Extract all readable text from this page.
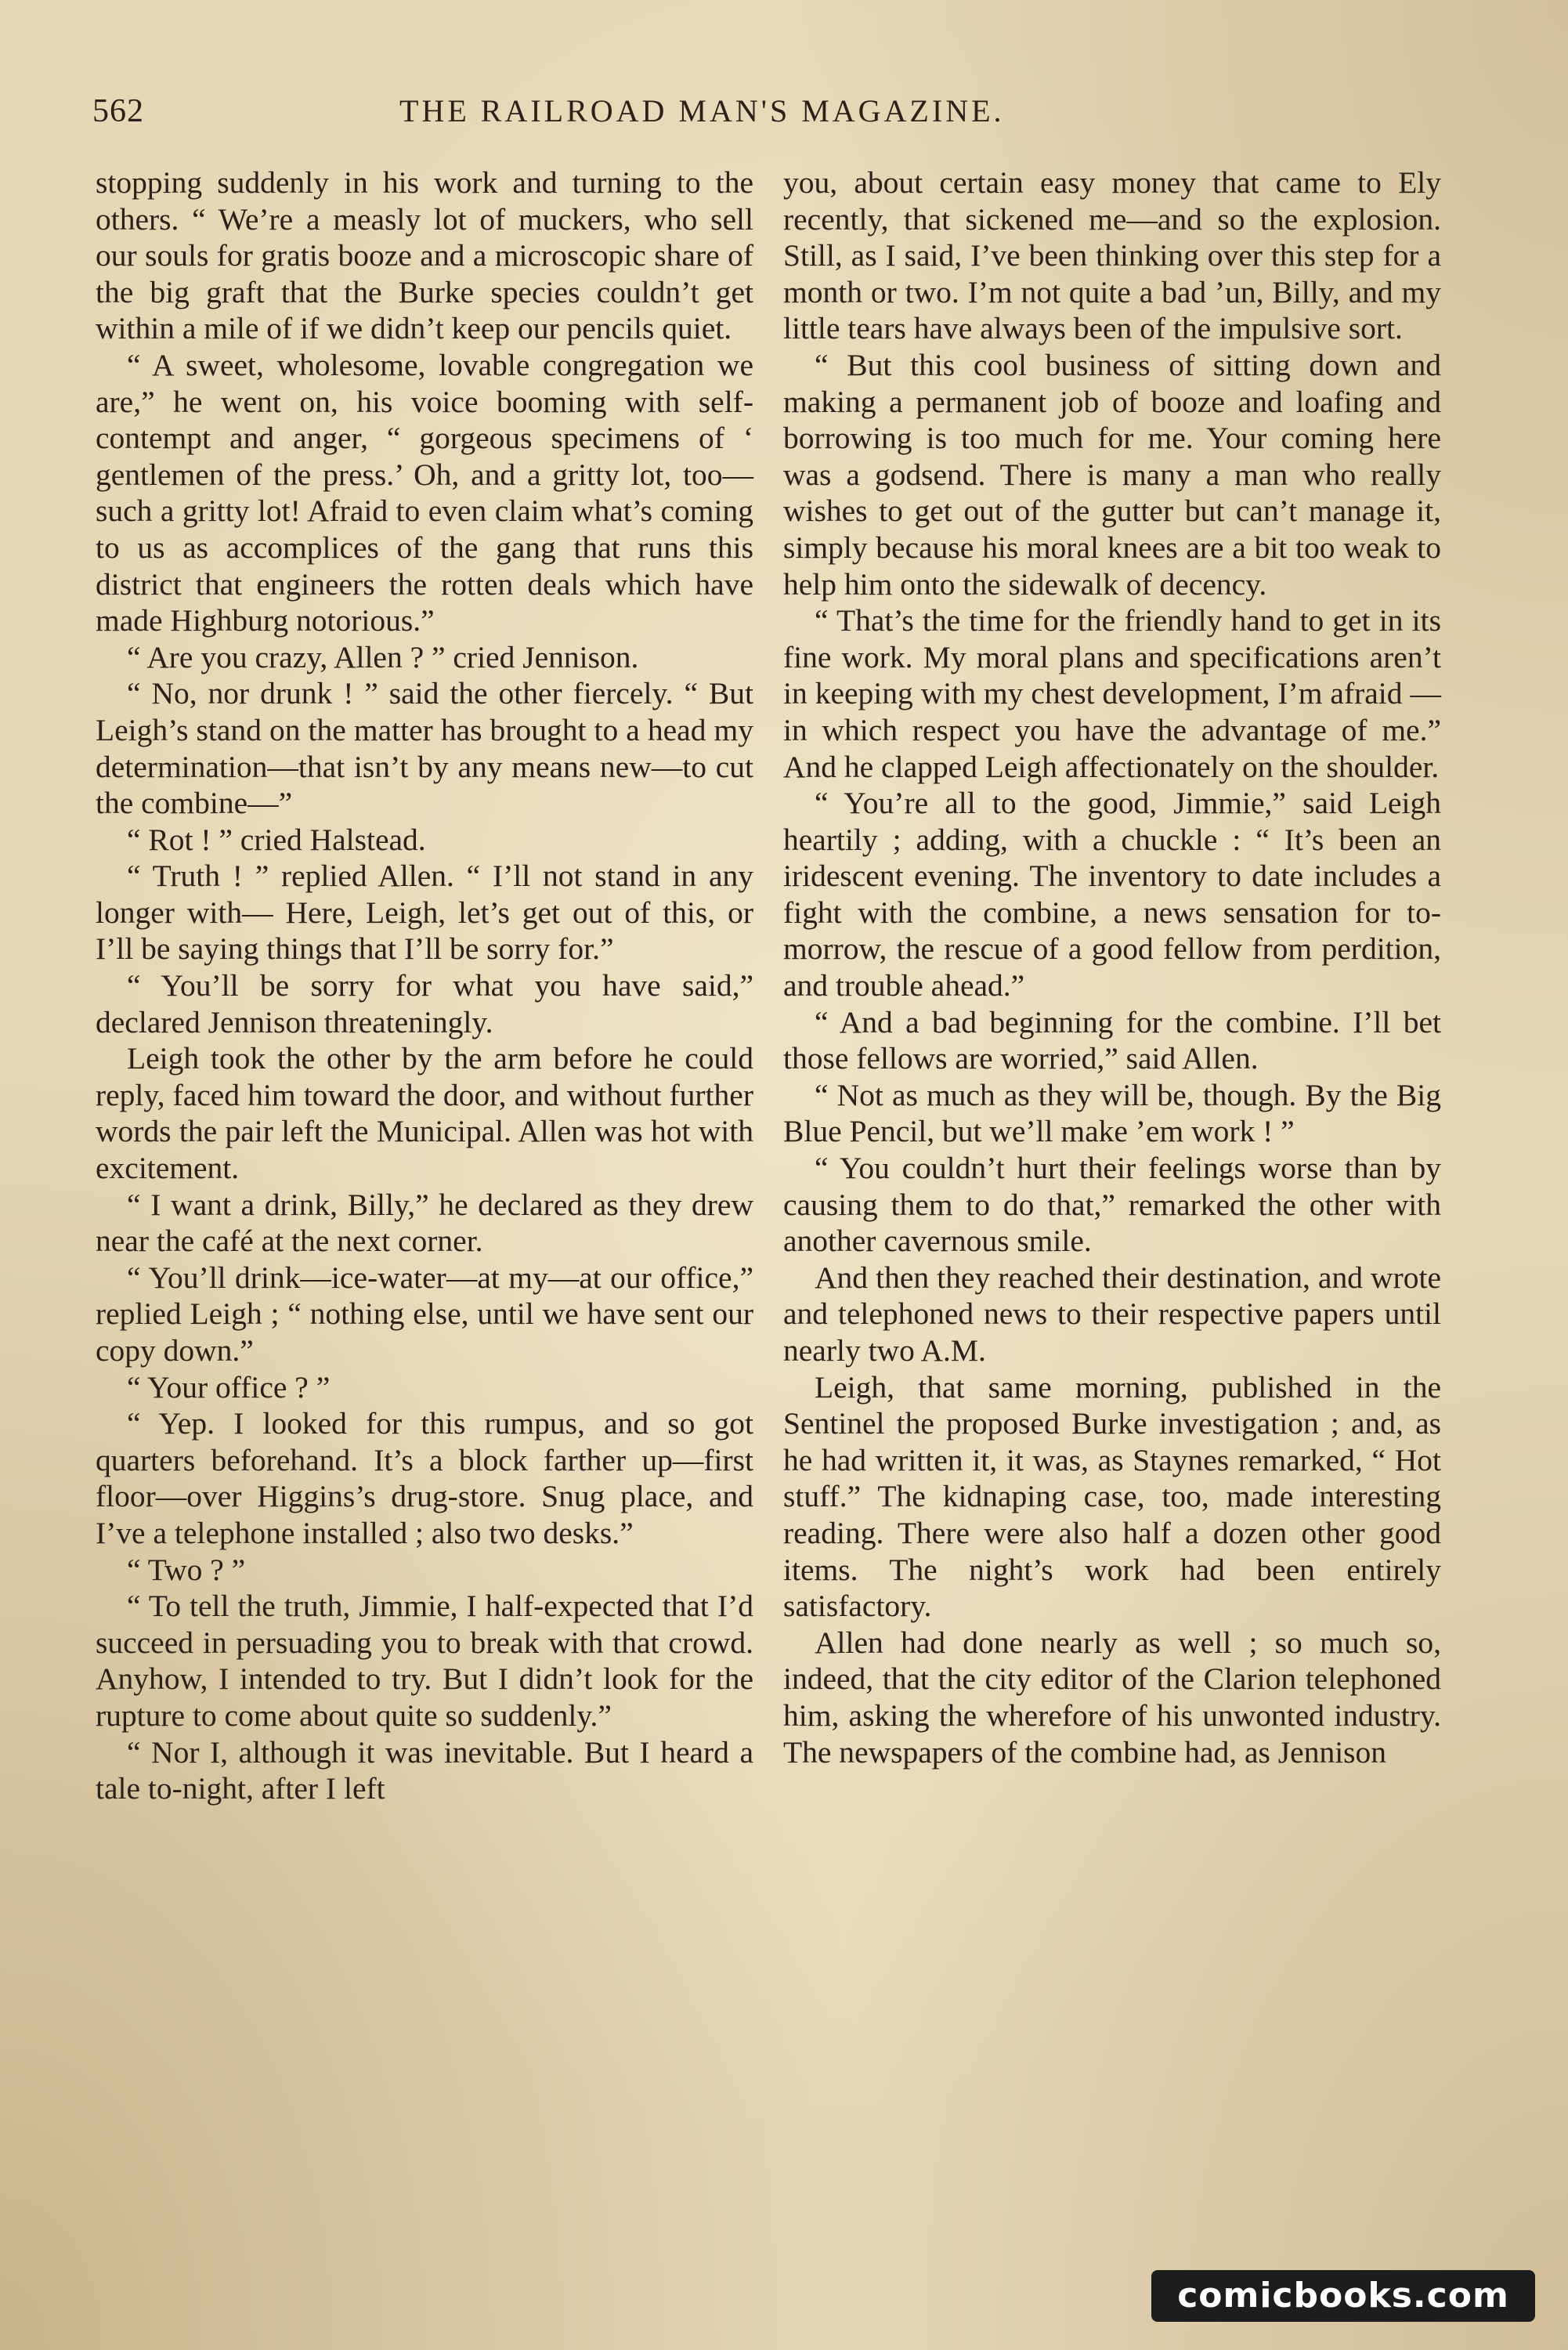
562	THE RAILROAD MAN'S MAGAZINE.

stopping suddenly in his work and turning to the others. “ We’re a measly lot of muckers, who sell our souls for gratis booze and a microscopic share of the big graft that the Burke species couldn’t get within a mile of if we didn’t keep our pencils quiet.

“ A sweet, wholesome, lovable congregation we are,” he went on, his voice booming with self-contempt and anger, “ gorgeous specimens of ‘ gentlemen of the press.’ Oh, and a gritty lot, too—such a gritty lot! Afraid to even claim what’s coming to us as accomplices of the gang that runs this district that engineers the rotten deals which have made Highburg notorious.”

“ Are you crazy, Allen ? ” cried Jennison.

“ No, nor drunk ! ” said the other fiercely. “ But Leigh’s stand on the matter has brought to a head my determination—that isn’t by any means new—to cut the combine—”

“ Rot ! ” cried Halstead.

“ Truth ! ” replied Allen. “ I’ll not stand in any longer with— Here, Leigh, let’s get out of this, or I’ll be saying things that I’ll be sorry for.”

“ You’ll be sorry for what you have said,” declared Jennison threateningly.

Leigh took the other by the arm before he could reply, faced him toward the door, and without further words the pair left the Municipal. Allen was hot with excitement.

“ I want a drink, Billy,” he declared as they drew near the café at the next corner.

“ You’ll drink—ice-water—at my—at our office,” replied Leigh ; “ nothing else, until we have sent our copy down.”

“ Your office ? ”

“ Yep. I looked for this rumpus, and so got quarters beforehand. It’s a block farther up—first floor—over Higgins’s drug-store. Snug place, and I’ve a telephone installed ; also two desks.”

“ Two ? ”

“ To tell the truth, Jimmie, I half-expected that I’d succeed in persuading you to break with that crowd. Anyhow, I intended to try. But I didn’t look for the rupture to come about quite so suddenly.”

“ Nor I, although it was inevitable. But I heard a tale to-night, after I left

you, about certain easy money that came to Ely recently, that sickened me—and so the explosion. Still, as I said, I’ve been thinking over this step for a month or two. I’m not quite a bad ’un, Billy, and my little tears have always been of the impulsive sort.

“ But this cool business of sitting down and making a permanent job of booze and loafing and borrowing is too much for me. Your coming here was a godsend. There is many a man who really wishes to get out of the gutter but can’t manage it, simply because his moral knees are a bit too weak to help him onto the sidewalk of decency.

“ That’s the time for the friendly hand to get in its fine work. My moral plans and specifications aren’t in keeping with my chest development, I’m afraid — in which respect you have the advantage of me.” And he clapped Leigh affectionately on the shoulder.

“ You’re all to the good, Jimmie,” said Leigh heartily ; adding, with a chuckle : “ It’s been an iridescent evening. The inventory to date includes a fight with the combine, a news sensation for to-morrow, the rescue of a good fellow from perdition, and trouble ahead.”

“ And a bad beginning for the combine. I’ll bet those fellows are worried,” said Allen.

“ Not as much as they will be, though. By the Big Blue Pencil, but we’ll make ’em work ! ”

“ You couldn’t hurt their feelings worse than by causing them to do that,” remarked the other with another cavernous smile.

And then they reached their destination, and wrote and telephoned news to their respective papers until nearly two A.M.

Leigh, that same morning, published in the Sentinel the proposed Burke investigation ; and, as he had written it, it was, as Staynes remarked, “ Hot stuff.” The kidnaping case, too, made interesting reading. There were also half a dozen other good items. The night’s work had been entirely satisfactory.

Allen had done nearly as well ; so much so, indeed, that the city editor of the Clarion telephoned him, asking the wherefore of his unwonted industry. The newspapers of the combine had, as Jennison

comicbooks.com
